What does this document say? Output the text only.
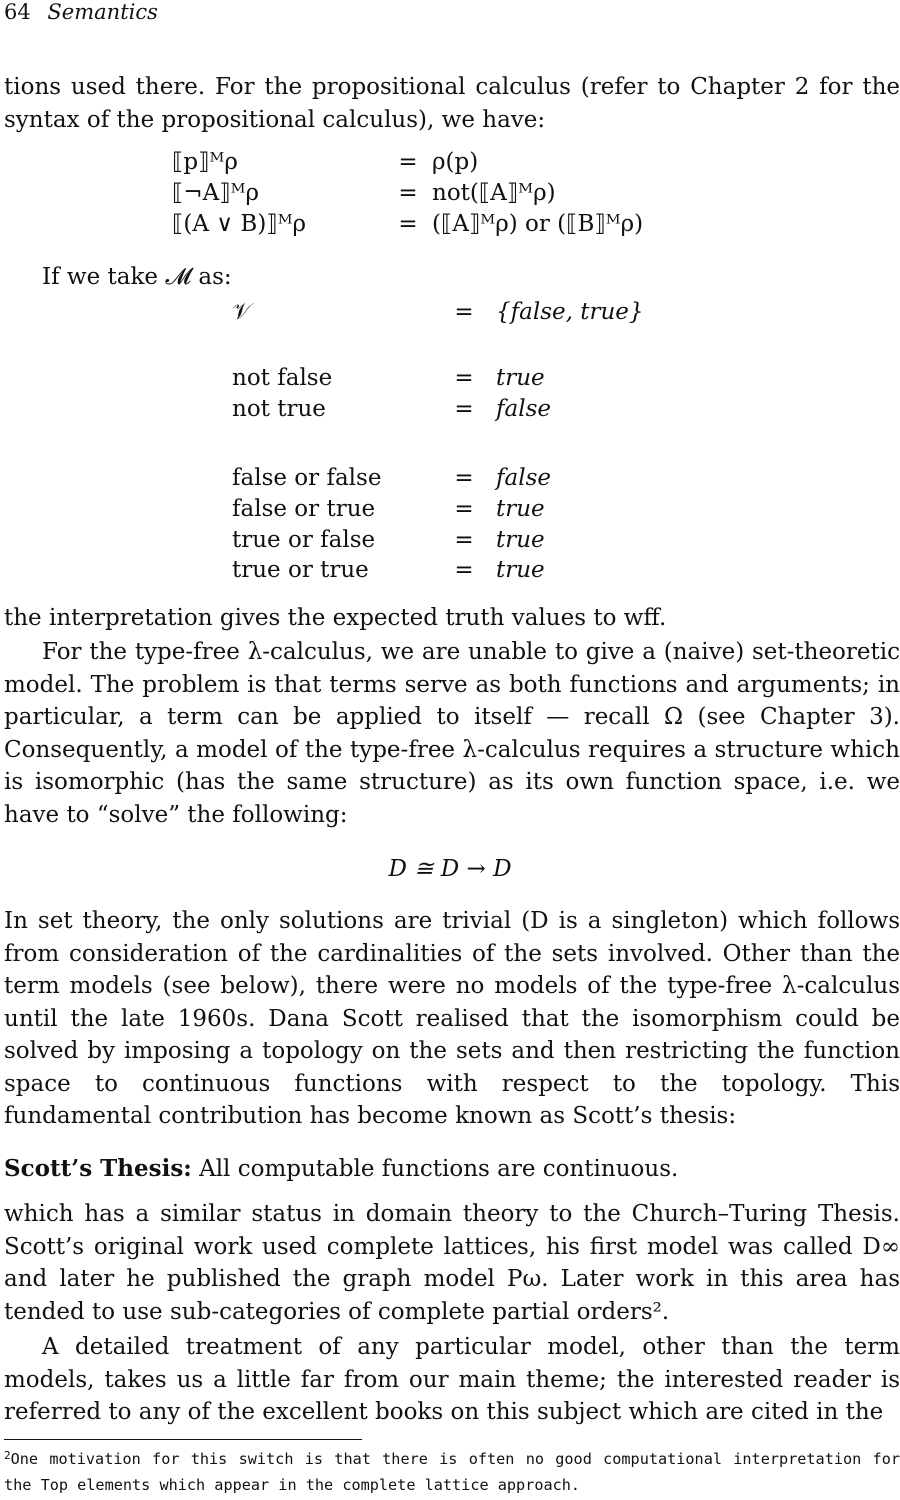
64 Semantics

tions used there. For the propositional calculus (refer to Chapter 2 for the syntax of the propositional calculus), we have:

⟦p⟧ᴹρ	=	ρ(p)
⟦¬A⟧ᴹρ	=	not(⟦A⟧ᴹρ)
⟦(A ∨ B)⟧ᴹρ	=	(⟦A⟧ᴹρ) or (⟦B⟧ᴹρ)
If we take 𝓜 as:
𝒱	=	{false, true}
not false	=	true
not true	=	false
false or false	=	false
false or true	=	true
true or false	=	true
true or true	=	true

the interpretation gives the expected truth values to wff.

For the type-free λ-calculus, we are unable to give a (naive) set-theoretic model. The problem is that terms serve as both functions and arguments; in particular, a term can be applied to itself — recall Ω (see Chapter 3). Consequently, a model of the type-free λ-calculus requires a structure which is isomorphic (has the same structure) as its own function space, i.e. we have to “solve” the following:

D ≅ D → D

In set theory, the only solutions are trivial (D is a singleton) which follows from consideration of the cardinalities of the sets involved. Other than the term models (see below), there were no models of the type-free λ-calculus until the late 1960s. Dana Scott realised that the isomorphism could be solved by imposing a topology on the sets and then restricting the function space to continuous functions with respect to the topology. This fundamental contribution has become known as Scott’s thesis:

Scott’s Thesis: All computable functions are continuous.

which has a similar status in domain theory to the Church–Turing Thesis. Scott’s original work used complete lattices, his first model was called D∞ and later he published the graph model Pω. Later work in this area has tended to use sub-categories of complete partial orders².

A detailed treatment of any particular model, other than the term models, takes us a little far from our main theme; the interested reader is referred to any of the excellent books on this subject which are cited in the

$^2$One motivation for this switch is that there is often no good computational interpretation for the Top elements which appear in the complete lattice approach.
